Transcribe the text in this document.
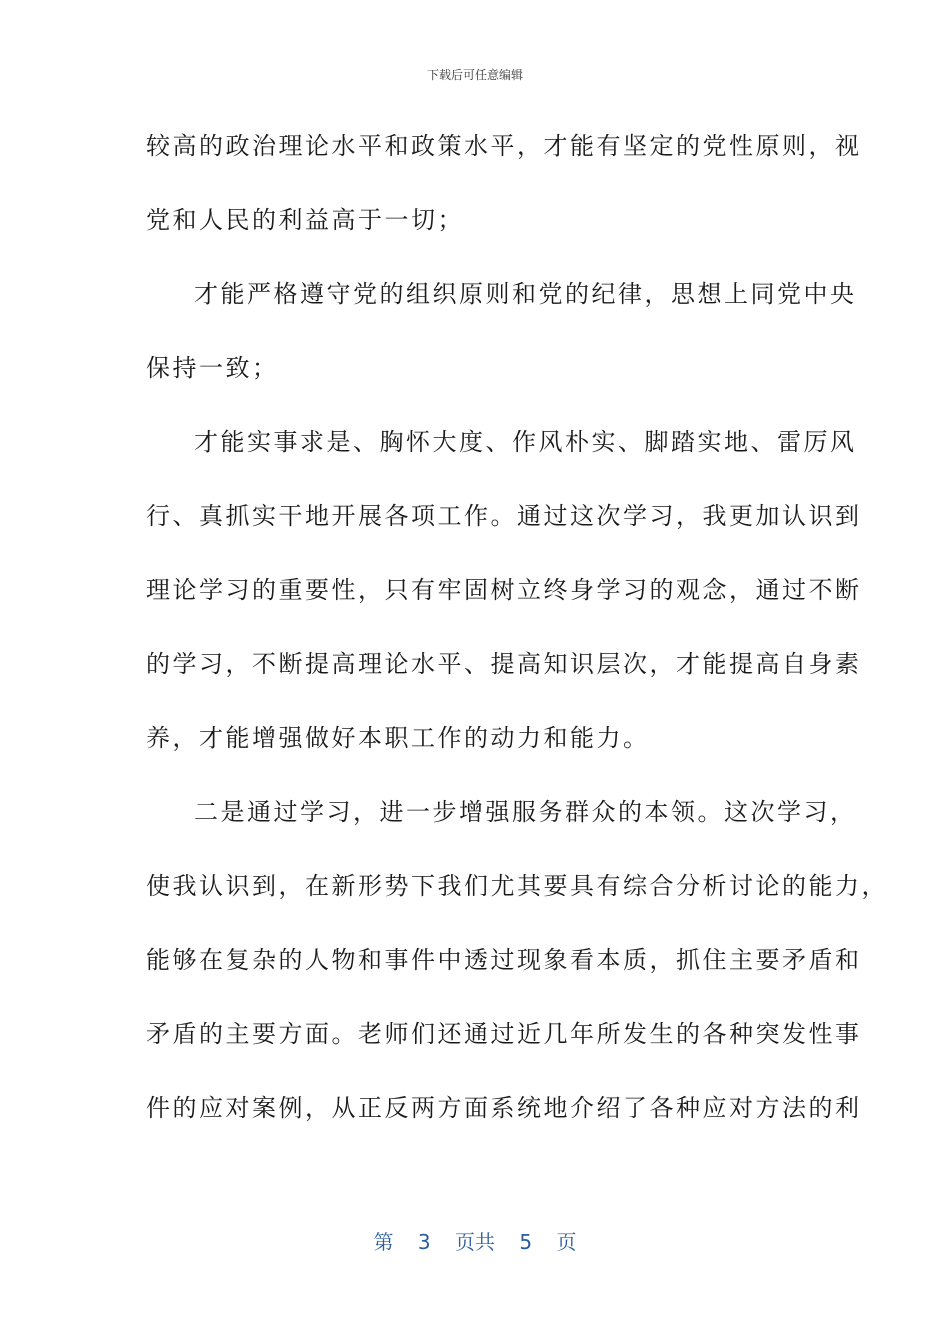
下载后可任意编辑
较高的政治理论水平和政策水平，才能有坚定的党性原则，视
党和人民的利益高于一切；
才能严格遵守党的组织原则和党的纪律，思想上同党中央
保持一致；
才能实事求是、胸怀大度、作风朴实、脚踏实地、雷厉风
行、真抓实干地开展各项工作。通过这次学习，我更加认识到
理论学习的重要性，只有牢固树立终身学习的观念，通过不断
的学习，不断提高理论水平、提高知识层次，才能提高自身素
养，才能增强做好本职工作的动力和能力。
二是通过学习，进一步增强服务群众的本领。这次学习，
使我认识到，在新形势下我们尤其要具有综合分析讨论的能力，
能够在复杂的人物和事件中透过现象看本质，抓住主要矛盾和
矛盾的主要方面。老师们还通过近几年所发生的各种突发性事
件的应对案例，从正反两方面系统地介绍了各种应对方法的利
第 3 页共 5 页
